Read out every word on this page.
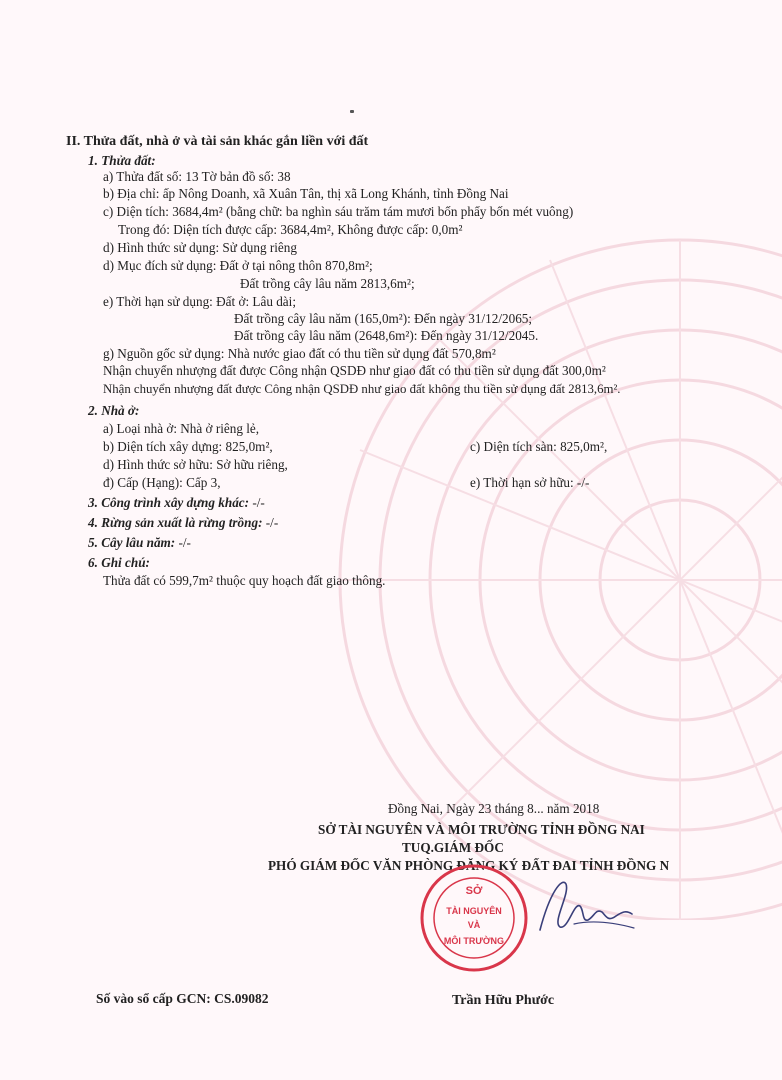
II. Thửa đất, nhà ở và tài sản khác gắn liền với đất
1. Thửa đất:
a) Thửa đất số: 13 Tờ bản đồ số: 38
b) Địa chỉ: ấp Nông Doanh, xã Xuân Tân, thị xã Long Khánh, tỉnh Đồng Nai
c) Diện tích: 3684,4m² (bằng chữ: ba nghìn sáu trăm tám mươi bốn phẩy bốn mét vuông)
Trong đó: Diện tích được cấp: 3684,4m², Không được cấp: 0,0m²
d) Hình thức sử dụng: Sử dụng riêng
d) Mục đích sử dụng: Đất ở tại nông thôn 870,8m²;
Đất trồng cây lâu năm 2813,6m²;
e) Thời hạn sử dụng: Đất ở: Lâu dài;
Đất trồng cây lâu năm (165,0m²): Đến ngày 31/12/2065;
Đất trồng cây lâu năm (2648,6m²): Đến ngày 31/12/2045.
g) Nguồn gốc sử dụng: Nhà nước giao đất có thu tiền sử dụng đất 570,8m²
Nhận chuyển nhượng đất được Công nhận QSDĐ như giao đất có thu tiền sử dụng đất 300,0m²
Nhận chuyển nhượng đất được Công nhận QSDĐ như giao đất không thu tiền sử dụng đất 2813,6m².
2. Nhà ở:
a) Loại nhà ở: Nhà ở riêng lẻ,
b) Diện tích xây dựng: 825,0m²,	c) Diện tích sàn: 825,0m²,
d) Hình thức sở hữu: Sở hữu riêng,
đ) Cấp (Hạng): Cấp 3,	e) Thời hạn sở hữu: -/-
3. Công trình xây dựng khác: -/-
4. Rừng sản xuất là rừng trồng: -/-
5. Cây lâu năm: -/-
6. Ghi chú:
Thửa đất có 599,7m² thuộc quy hoạch đất giao thông.
Đồng Nai, Ngày 23 tháng 8... năm 2018
SỞ TÀI NGUYÊN VÀ MÔI TRƯỜNG TỈNH ĐỒNG NAI
TUQ.GIÁM ĐỐC
PHÓ GIÁM ĐỐC VĂN PHÒNG ĐĂNG KÝ ĐẤT ĐAI TỈNH ĐỒNG N
SỞ
TÀI NGUYÊN
VÀ
MÔI TRƯỜNG
Số vào sổ cấp GCN: CS.09082	Trần Hữu Phước
